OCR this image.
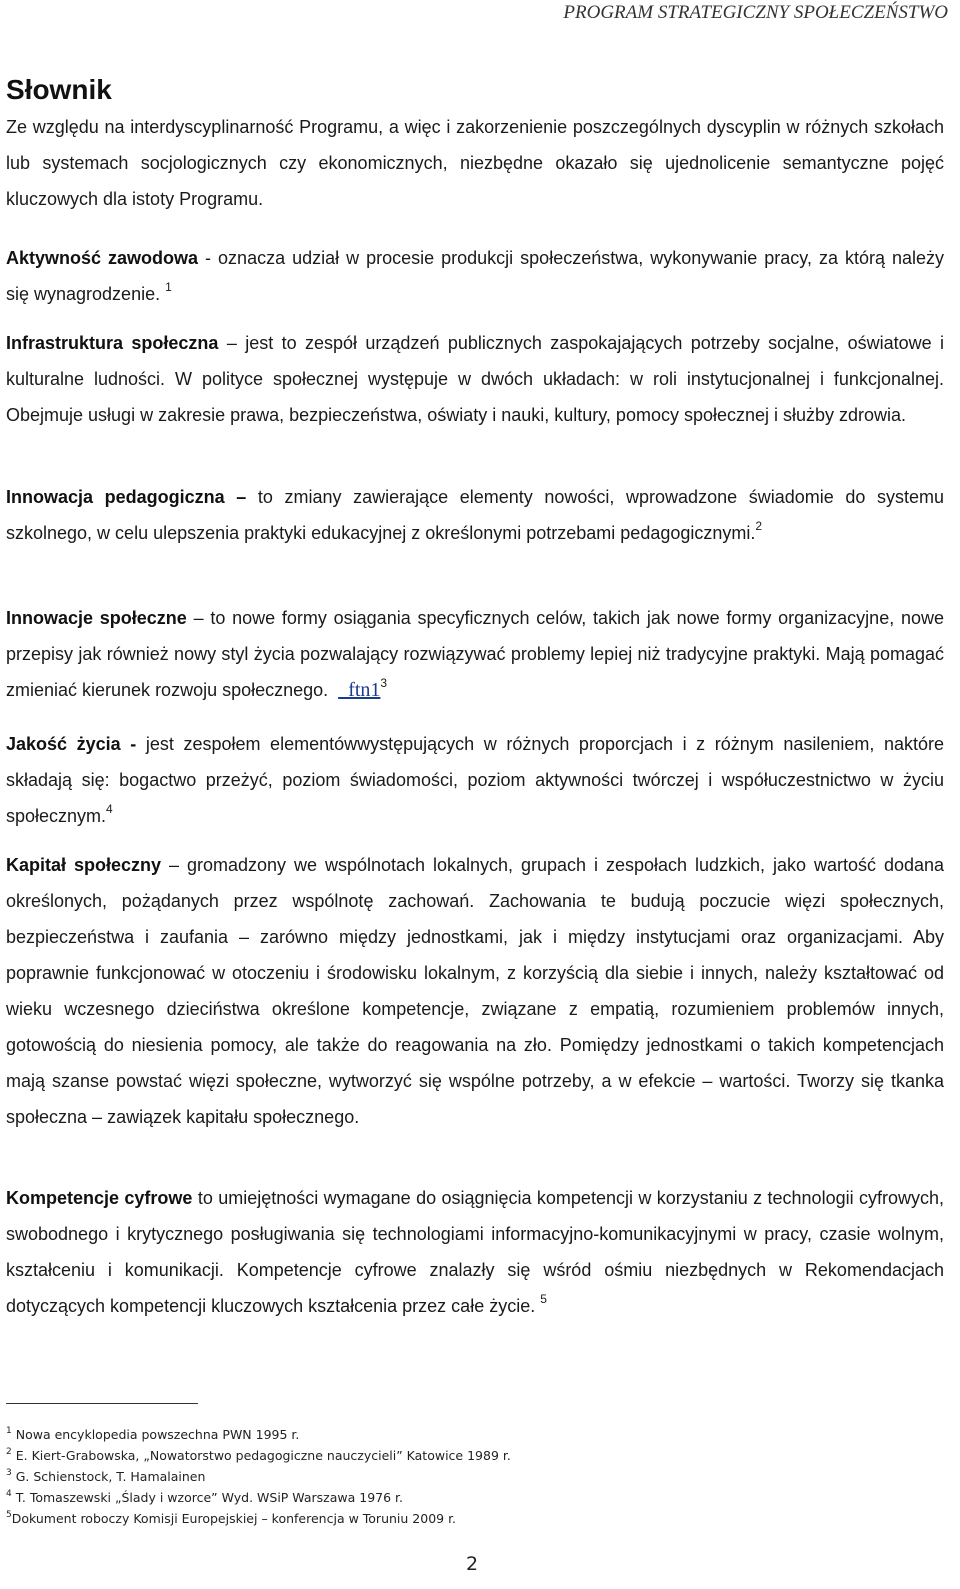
PROGRAM STRATEGICZNY SPOŁECZEŃSTWO
Słownik

Ze względu na interdyscyplinarność Programu, a więc i zakorzenienie poszczególnych dyscyplin w różnych szkołach lub systemach socjologicznych czy ekonomicznych, niezbędne okazało się ujednolicenie semantyczne pojęć kluczowych dla istoty Programu.

Aktywność zawodowa - oznacza udział w procesie produkcji społeczeństwa, wykonywanie pracy, za którą należy się wynagrodzenie. $^1$

Infrastruktura społeczna – jest to zespół urządzeń publicznych zaspokajających potrzeby socjalne, oświatowe i kulturalne ludności. W polityce społecznej występuje w dwóch układach: w roli instytucjonalnej i funkcjonalnej. Obejmuje usługi w zakresie prawa, bezpieczeństwa, oświaty i nauki, kultury, pomocy społecznej i służby zdrowia.

Innowacja pedagogiczna – to zmiany zawierające elementy nowości, wprowadzone świadomie do systemu szkolnego, w celu ulepszenia praktyki edukacyjnej z określonymi potrzebami pedagogicznymi.$^2$

Innowacje społeczne – to nowe formy osiągania specyficznych celów, takich jak nowe formy organizacyjne, nowe przepisy jak również nowy styl życia pozwalający rozwiązywać problemy lepiej niż tradycyjne praktyki. Mają pomagać zmieniać kierunek rozwoju społecznego. $\_ftn1^3$

Jakość życia - jest zespołem elementówwystępujących w różnych proporcjach i z różnym nasileniem, naktóre składają się: bogactwo przeżyć, poziom świadomości, poziom aktywności twórczej i współuczestnictwo w życiu społecznym.$^4$

Kapitał społeczny – gromadzony we wspólnotach lokalnych, grupach i zespołach ludzkich, jako wartość dodana określonych, pożądanych przez wspólnotę zachowań. Zachowania te budują poczucie więzi społecznych, bezpieczeństwa i zaufania – zarówno między jednostkami, jak i między instytucjami oraz organizacjami. Aby poprawnie funkcjonować w otoczeniu i środowisku lokalnym, z korzyścią dla siebie i innych, należy kształtować od wieku wczesnego dzieciństwa określone kompetencje, związane z empatią, rozumieniem problemów innych, gotowością do niesienia pomocy, ale także do reagowania na zło. Pomiędzy jednostkami o takich kompetencjach mają szanse powstać więzi społeczne, wytworzyć się wspólne potrzeby, a w efekcie – wartości. Tworzy się tkanka społeczna – zawiązek kapitału społecznego.

Kompetencje cyfrowe to umiejętności wymagane do osiągnięcia kompetencji w korzystaniu z technologii cyfrowych, swobodnego i krytycznego posługiwania się technologiami informacyjno-komunikacyjnymi w pracy, czasie wolnym, kształceniu i komunikacji. Kompetencje cyfrowe znalazły się wśród ośmiu niezbędnych w Rekomendacjach dotyczących kompetencji kluczowych kształcenia przez całe życie. $^5$

$^1$ Nowa encyklopedia powszechna PWN 1995 r.
$^2$ E. Kiert-Grabowska, „Nowatorstwo pedagogiczne nauczycieli” Katowice 1989 r.
$^3$ G. Schienstock, T. Hamalainen
$^4$ T. Tomaszewski „Ślady i wzorce” Wyd. WSiP Warszawa 1976 r.
$^5$Dokument roboczy Komisji Europejskiej – konferencja w Toruniu 2009 r.
2
